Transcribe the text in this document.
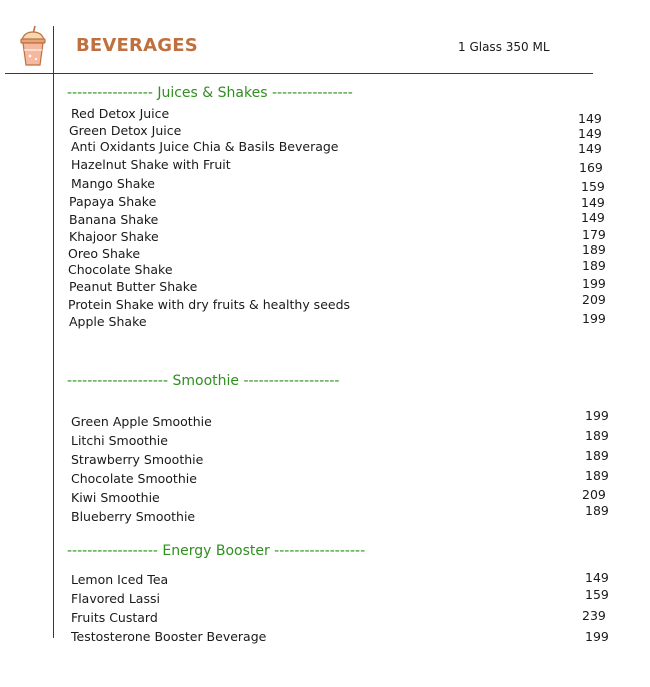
BEVERAGES	1 Glass 350 ML
----------------- Juices & Shakes ----------------
Red Detox Juice	149
Green Detox Juice	149
Anti Oxidants Juice Chia & Basils Beverage	149
Hazelnut Shake with Fruit	169
Mango Shake	159
Papaya Shake	149
Banana Shake	149
Khajoor Shake	179
Oreo Shake	189
Chocolate Shake	189
Peanut Butter Shake	199
Protein Shake with dry fruits & healthy seeds	209
Apple Shake	199
-------------------- Smoothie -------------------
Green Apple Smoothie	199
Litchi Smoothie	189
Strawberry Smoothie	189
Chocolate Smoothie	189
Kiwi Smoothie	209
Blueberry Smoothie	189
------------------ Energy Booster ------------------
Lemon Iced Tea	149
Flavored Lassi	159
Fruits Custard	239
Testosterone Booster Beverage	199
